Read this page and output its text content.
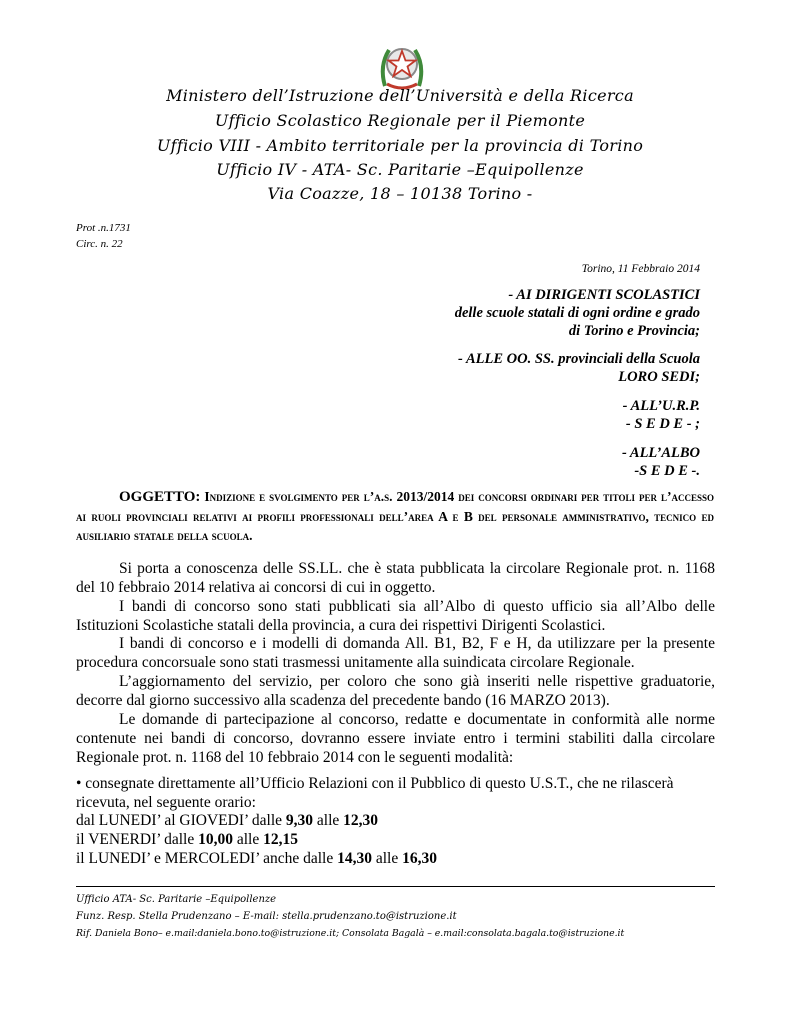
Ministero dell’Istruzione dell’Università e della Ricerca

Ufficio Scolastico Regionale per il Piemonte

Ufficio VIII - Ambito territoriale per la provincia di Torino

Ufficio IV - ATA- Sc. Paritarie –Equipollenze

Via Coazze, 18 – 10138 Torino -

Prot .n.1731

Circ. n. 22

Torino, 11 Febbraio 2014

- AI DIRIGENTI SCOLASTICI
delle scuole statali di ogni ordine e grado
di Torino e Provincia;
- ALLE OO. SS. provinciali della Scuola
LORO SEDI;
- ALL’U.R.P.
- S E D E - ;
- ALL’ALBO
-S E D E -.

OGGETTO: Indizione e svolgimento per l’a.s. 2013/2014 dei concorsi ordinari per titoli per l’accesso ai ruoli provinciali relativi ai profili professionali dell’area A e B del personale amministrativo, tecnico ed ausiliario statale della scuola.

Si porta a conoscenza delle SS.LL. che è stata pubblicata la circolare Regionale prot. n. 1168 del 10 febbraio 2014 relativa ai concorsi di cui in oggetto.

I bandi di concorso sono stati pubblicati sia all’Albo di questo ufficio sia all’Albo delle Istituzioni Scolastiche statali della provincia, a cura dei rispettivi Dirigenti Scolastici.

I bandi di concorso e i modelli di domanda All. B1, B2, F e H, da utilizzare per la presente procedura concorsuale sono stati trasmessi unitamente alla suindicata circolare Regionale.

L’aggiornamento del servizio, per coloro che sono già inseriti nelle rispettive graduatorie, decorre dal giorno successivo alla scadenza del precedente bando (16 MARZO 2013).

Le domande di partecipazione al concorso, redatte e documentate in conformità alle norme contenute nei bandi di concorso, dovranno essere inviate entro i termini stabiliti dalla circolare Regionale prot. n. 1168 del 10 febbraio 2014 con le seguenti modalità:

• consegnate direttamente all’Ufficio Relazioni con il Pubblico di questo U.S.T., che ne rilascerà ricevuta, nel seguente orario:

dal LUNEDI’ al GIOVEDI’ dalle 9,30 alle 12,30
il VENERDI’ dalle 10,00 alle 12,15
il LUNEDI’ e MERCOLEDI’ anche dalle 14,30 alle 16,30

Ufficio ATA- Sc. Paritarie –Equipollenze

Funz. Resp. Stella Prudenzano – E-mail: stella.prudenzano.to@istruzione.it

Rif. Daniela Bono– e.mail:daniela.bono.to@istruzione.it; Consolata Bagalà – e.mail:consolata.bagala.to@istruzione.it
